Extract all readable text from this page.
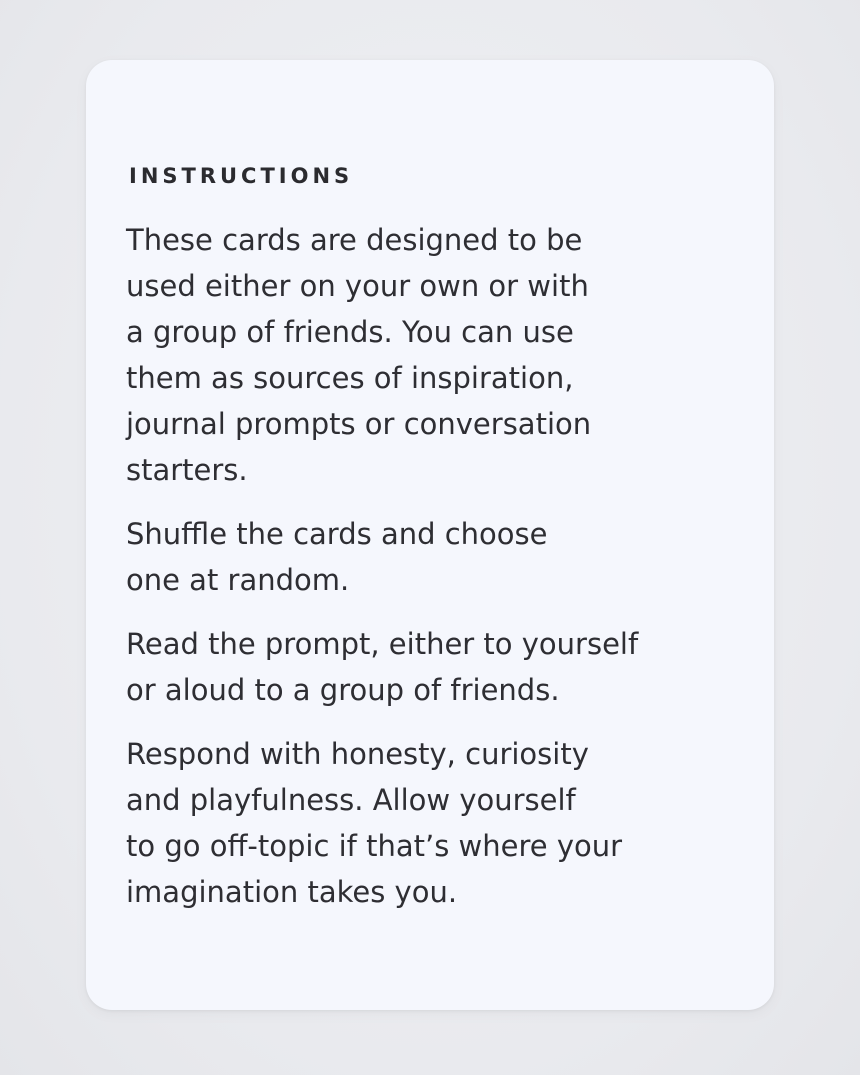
INSTRUCTIONS

These cards are designed to be
used either on your own or with
a group of friends. You can use
them as sources of inspiration,
journal prompts or conversation
starters.

Shuffle the cards and choose
one at random.

Read the prompt, either to yourself
or aloud to a group of friends.

Respond with honesty, curiosity
and playfulness. Allow yourself
to go off-topic if that’s where your
imagination takes you.
